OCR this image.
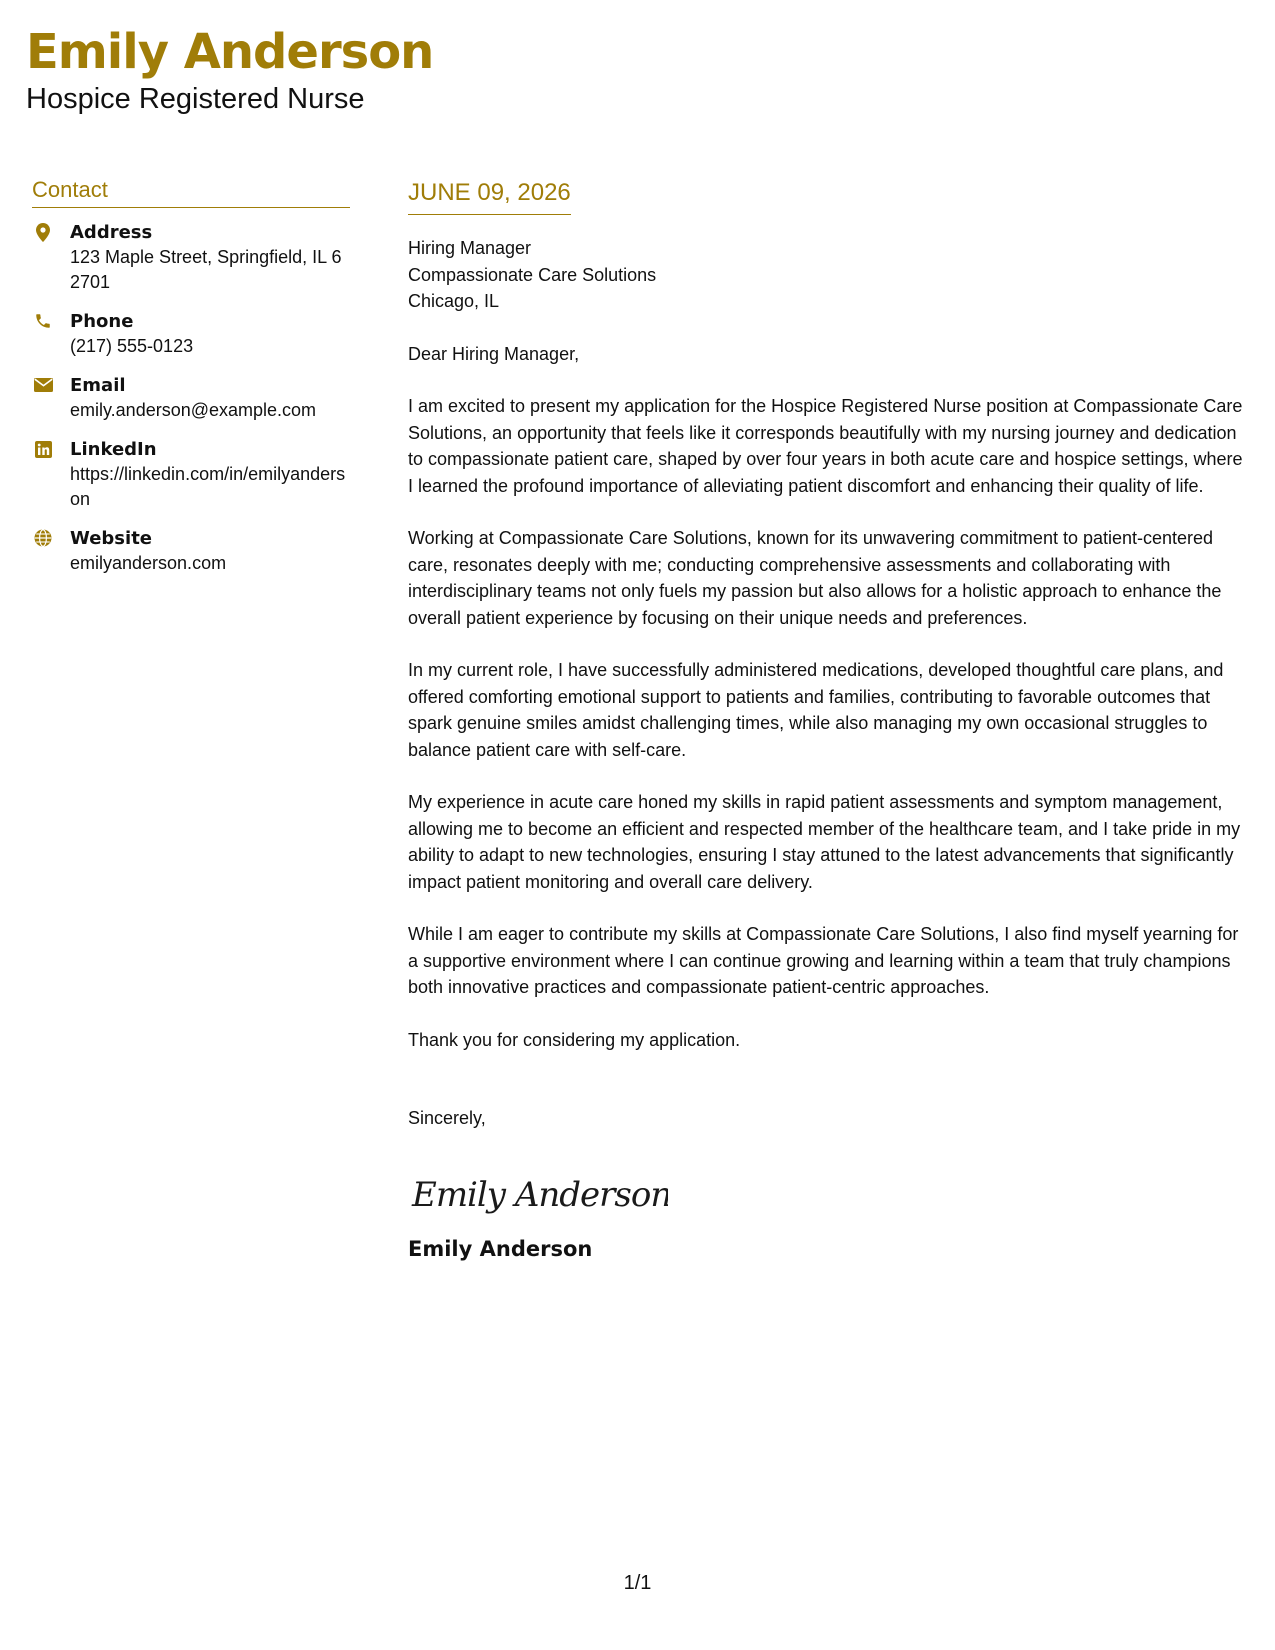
Emily Anderson
Hospice Registered Nurse
Contact
Address
123 Maple Street, Springfield, IL 62701
Phone
(217) 555-0123
Email
emily.anderson@example.com
LinkedIn
https://linkedin.com/in/emilyanderson
Website
emilyanderson.com
JUNE 09, 2026
Hiring Manager
Compassionate Care Solutions
Chicago, IL

Dear Hiring Manager,

I am excited to present my application for the Hospice Registered Nurse position at Compassionate Care Solutions, an opportunity that feels like it corresponds beautifully with my nursing journey and dedication to compassionate patient care, shaped by over four years in both acute care and hospice settings, where I learned the profound importance of alleviating patient discomfort and enhancing their quality of life.

Working at Compassionate Care Solutions, known for its unwavering commitment to patient-centered care, resonates deeply with me; conducting comprehensive assessments and collaborating with interdisciplinary teams not only fuels my passion but also allows for a holistic approach to enhance the overall patient experience by focusing on their unique needs and preferences.

In my current role, I have successfully administered medications, developed thoughtful care plans, and offered comforting emotional support to patients and families, contributing to favorable outcomes that spark genuine smiles amidst challenging times, while also managing my own occasional struggles to balance patient care with self-care.

My experience in acute care honed my skills in rapid patient assessments and symptom management, allowing me to become an efficient and respected member of the healthcare team, and I take pride in my ability to adapt to new technologies, ensuring I stay attuned to the latest advancements that significantly impact patient monitoring and overall care delivery.

While I am eager to contribute my skills at Compassionate Care Solutions, I also find myself yearning for a supportive environment where I can continue growing and learning within a team that truly champions both innovative practices and compassionate patient-centric approaches.

Thank you for considering my application.

Sincerely,

Emily Anderson
Emily Anderson
1/1
